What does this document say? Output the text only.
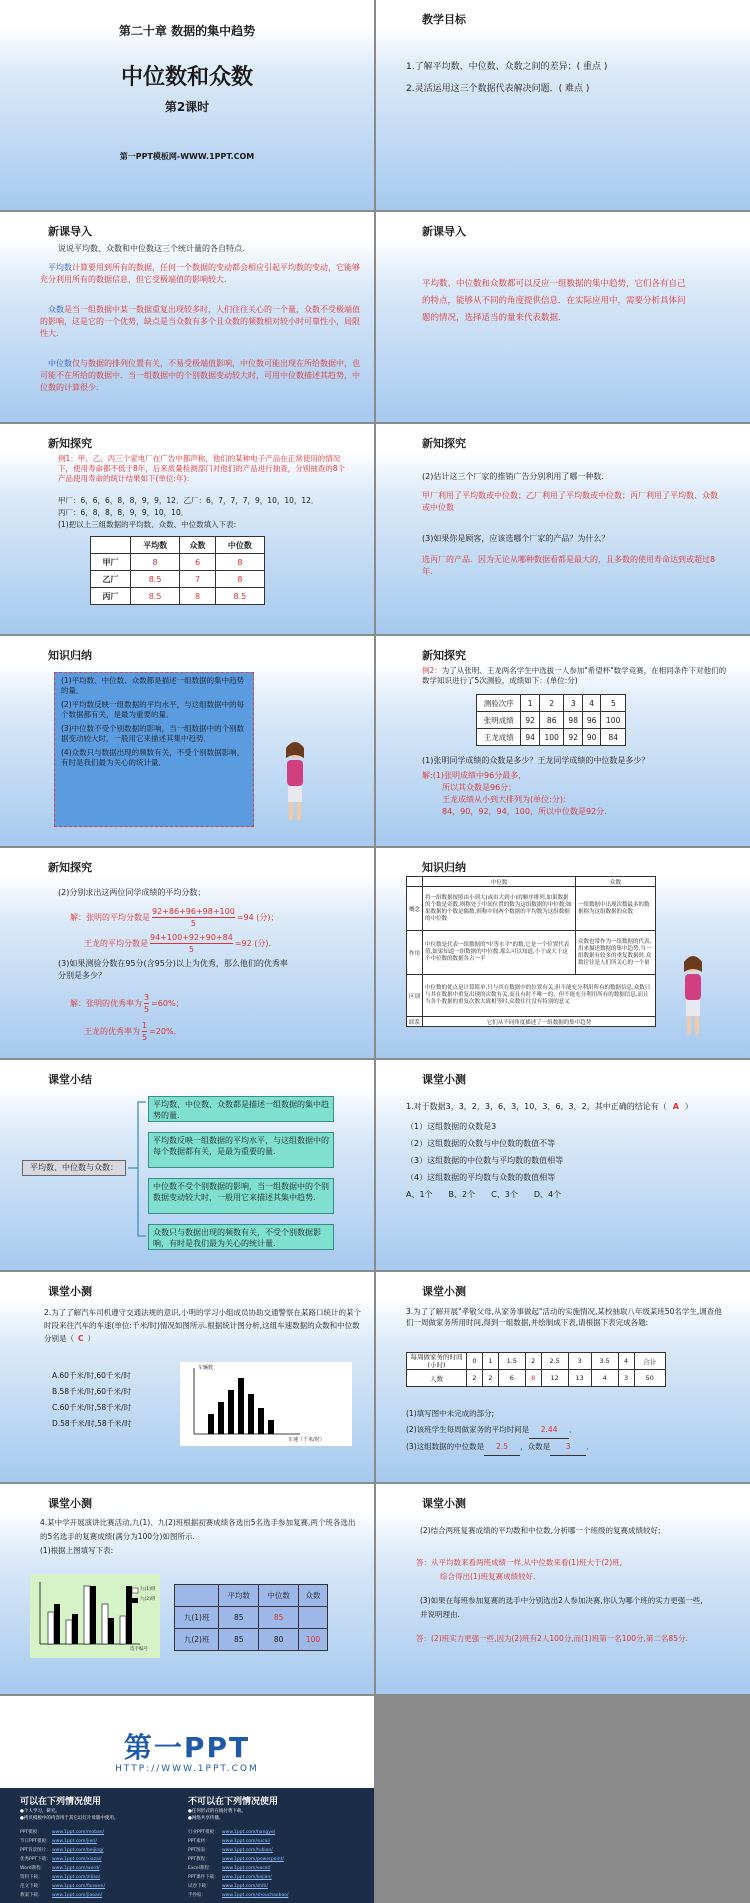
第二十章 数据的集中趋势
中位数和众数
第2课时
第一PPT模板网-WWW.1PPT.COM
教学目标
1.了解平均数、中位数、众数之间的差异；( 重点 )
2.灵活运用这三个数据代表解决问题．( 难点 )
新课导入
说说平均数、众数和中位数这三个统计量的各自特点．
平均数计算要用到所有的数据，任何一个数据的变动都会相应引起平均数的变动，它能够充分利用所有的数据信息，但它受极端值的影响较大．
众数是当一组数据中某一数据重复出现较多时，人们往往关心的一个量，众数不受极端值的影响，这是它的一个优势，缺点是当众数有多个且众数的频数相对较小时可靠性小，局限性大．
中位数仅与数据的排列位置有关，不易受极端值影响，中位数可能出现在所给数据中，也可能不在所给的数据中．当一组数据中的个别数据变动较大时，可用中位数描述其趋势，中位数的计算很少．
新课导入
平均数、中位数和众数都可以反应一组数据的集中趋势，它们各有自己的特点，能够从不同的角度提供信息．在实际应用中，需要分析具体问题的情况，选择适当的量来代表数据．
新知探究
例1：甲、乙、丙三个家电厂在广告中都声称，他们的某种电子产品在正常使用的情况下，使用寿命都不低于8年，后来质量检测部门对他们的产品进行抽查，分别抽查的8个产品使用寿命的统计结果如下(单位:年)：
甲厂：6，6，6，8，8，9，9，12．乙厂：6，7，7，7，9，10，10，12．
丙厂：6，8，8，8，9，9，10，10．
(1)把以上三组数据的平均数、众数、中位数填入下表:
	平均数	众数	中位数
甲厂	8	6	8
乙厂	8.5	7	8
丙厂	8.5	8	8.5
新知探究
(2)估计这三个厂家的推销广告分别利用了哪一种数.
甲厂利用了平均数或中位数；乙厂利用了平均数或中位数；丙厂利用了平均数、众数或中位数
(3)如果你是顾客，应该选哪个厂家的产品？为什么？
选丙厂的产品．因为无论从哪种数据看都是最大的，且多数的使用寿命达到或超过8年．
知识归纳
(1)平均数、中位数、众数都是描述一组数据的集中趋势的量．
(2)平均数反映一组数据的平均水平，与这组数据中的每个数据都有关，是最为重要的量．
(3)中位数不受个别数据的影响，当一组数据中的个别数据变动较大时，一般用它来描述其集中趋势．
(4)众数只与数据出现的频数有关，不受个别数据影响，有时是我们最为关心的统计量．
新知探究
例2：为了从张明、王龙两名学生中选拔一人参加"希望杯"数学竞赛，在相同条件下对他们的数学知识进行了5次测验，成绩如下：(单位:分)
测验次序	1	2	3	4	5
张明成绩	92	86	98	96	100
王龙成绩	94	100	92	90	84
(1)张明同学成绩的众数是多少？王龙同学成绩的中位数是多少？
解:(1)张明成绩中96分最多，
所以其众数是96分；
王龙成绩从小到大排列为(单位:分)：
84，90，92，94，100，所以中位数是92分．
新知探究
(2)分别求出这两位同学成绩的平均分数；
解：张明的平均分数是 $\frac{92+86+96+98+100}{5} =94$ (分)；
王龙的平均分数是 $\frac{94+100+92+90+84}{5} =92$ (分)．
(3)如果测验分数在95分(含95分)以上为优秀，那么他们的优秀率分别是多少？
解：张明的优秀率为 $\frac{3}{5} =60\%$；
王龙的优秀率为 $\frac{1}{5} =20\%$．
知识归纳
	中位数	众数
概念	将一组数据按照由小到大(或由大到小)的顺序排列,如果数据的个数是奇数,则称处于中间位置的数为这组数据的中位数;如果数据的个数是偶数,则称中间两个数据的平均数为这组数据的中位数	一组数据中出现次数最多的数据称为这组数据的众数
作用	中位数是代表一组数据的"中等水平"的数,它是一个位置代表值,如果知道一组数据的中位数,那么可以知道,小于或大于这个中位数的数据各占一半	众数也常作为一组数据的代表,用来描述数据的集中趋势,当一组数据有较多的重复数据时,众数往往是人们所关心的一个量
区别	中位数的优点是计算简单,只与其在数据中的位置有关,但不能充分利用所有的数据信息,众数只与其在数据中重复出现的次数有关,而且有时不唯一的，但不能充分利用所有的数据信息,而且当各个数据的重复次数大致相等时,众数往往没有特别的意义	
联系	它们从不同角度描述了一组数据的集中趋势	
课堂小结
平均数、中位数与众数：
平均数、中位数、众数都是描述一组数据的集中趋势的量.
平均数反映一组数据的平均水平，与这组数据中的每个数据都有关，是最为重要的量.
中位数不受个别数据的影响，当一组数据中的个别数据变动较大时，一般用它来描述其集中趋势.
众数只与数据出现的频数有关，不受个别数据影响，有时是我们最为关心的统计量.
课堂小测
1.对于数据3，3，2，3，6，3，10，3，6，3，2，其中正确的结论有（ A ）
（1）这组数据的众数是3
（2）这组数据的众数与中位数的数值不等
（3）这组数据的中位数与平均数的数值相等
（4）这组数据的平均数与众数的数值相等
A、1个　　B、2个　　C、3个　　D、4个
课堂小测
2.为了了解汽车司机遵守交通法规的意识,小明的学习小组成员协助交通警察在某路口统计的某个时段来往汽车的车速(单位:千米/时)情况如图所示.根据统计图分析,这组车速数据的众数和中位数分别是（ C ）
A.60千米/时,60千米/时
B.58千米/时,60千米/时
C.60千米/时,58千米/时
D.58千米/时,58千米/时
车辆数
车速（千米/时）
课堂小测
3.为了了解开展"孝敬父母,从家务事做起"活动的实施情况,某校抽取八年级某班50名学生,调查他们一周做家务所用时间,得到一组数据,并绘制成下表,请根据下表完成各题:
每周做家务的时间(小时)	0	1	1.5	2	2.5	3	3.5	4	合计
人数	2	2	6	8	12	13	4	3	50
(1)填写图中未完成的部分;
(2)该班学生每周做家务的平均时间是 2.44 ．
(3)这组数据的中位数是 2.5 ，众数是 3 ．
课堂小测
4.某中学开展演讲比赛活动,九(1)、九(2)班根据初赛成绩各选出5名选手参加复赛,两个班各选出的5名选手的复赛成绩(满分为100分)如图所示.
(1)根据上图填写下表:
九(1)班
九(2)班
选手编号
	平均数	中位数	众数
九(1)班	85	85	
九(2)班	85	80	100
课堂小测
(2)结合两班复赛成绩的平均数和中位数,分析哪一个班级的复赛成绩较好;
答：从平均数来看两班成绩一样,从中位数来看(1)班大于(2)班,
综合得出(1)班复赛成绩较好.
(3)如果在每班参加复赛的选手中分别选出2人参加决赛,你认为哪个班的实力更强一些,并说明理由.
答：(2)班实力更强一些,因为(2)班有2人100分,而(1)班第一名100分,第二名85分.
第一PPT
HTTP://WWW.1PPT.COM
可以在下列情况使用	不可以在下列情况使用
●个人学习、研究。
●拷贝模板中的内容用于其它幻灯片母版中使用。
●任何形式的在线付费下载。
●网络共享传播。
PPT模板： www.1ppt.com/moban/	行业PPT模板： www.1ppt.com/hangye/
节日PPT模板： www.1ppt.com/jieri/	PPT素材：	www.1ppt.com/sucai/
PPT背景图片： www.1ppt.com/beijing/	PPT图表：	www.1ppt.com/tubiao/
优秀PPT下载： www.1ppt.com/xiazai/	PPT教程：	www.1ppt.com/powerpoint/
Word教程： www.1ppt.com/word/	Excel教程： www.1ppt.com/excel/
资料下载： www.1ppt.com/ziliao/	PPT课件下载： www.1ppt.com/kejian/
范文下载： www.1ppt.com/fanwen/	试卷下载：	www.1ppt.com/shiti/
教案下载： www.1ppt.com/jiaoan/	手抄报：	www.1ppt.com/shouchaobao/
